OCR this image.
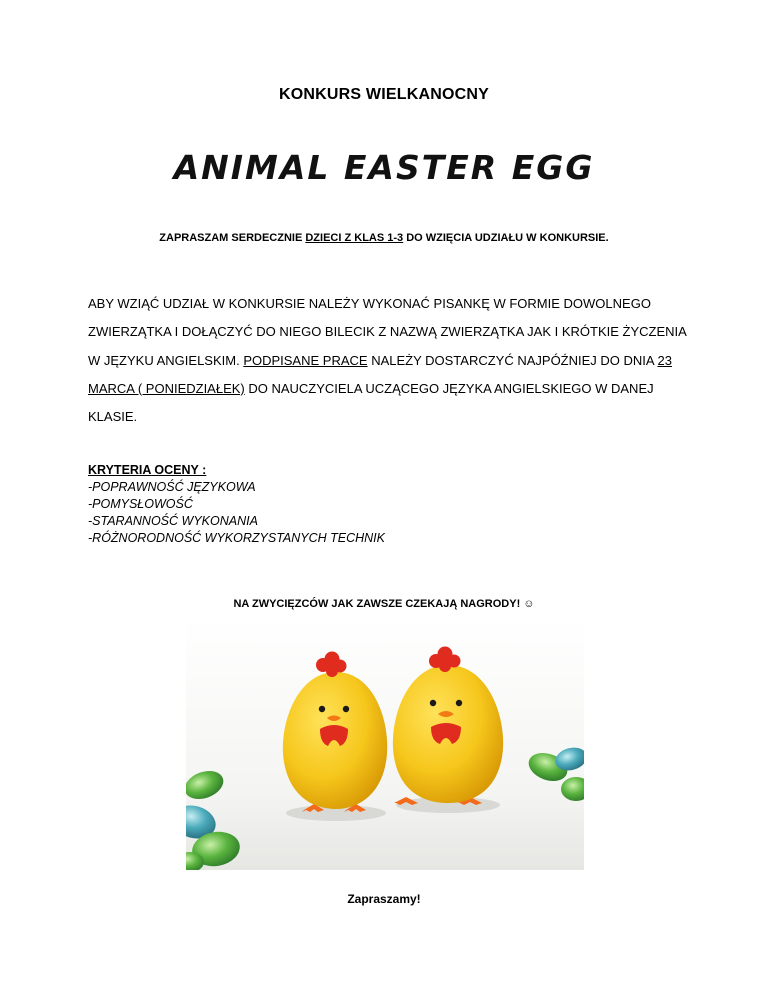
KONKURS WIELKANOCNY
ANIMAL EASTER EGG
ZAPRASZAM SERDECZNIE DZIECI Z KLAS 1-3 DO WZIĘCIA UDZIAŁU W KONKURSIE.
ABY WZIĄĆ UDZIAŁ W KONKURSIE NALEŻY WYKONAĆ PISANKĘ W FORMIE DOWOLNEGO
ZWIERZĄTKA I DOŁĄCZYĆ DO NIEGO BILECIK Z NAZWĄ ZWIERZĄTKA JAK I KRÓTKIE ŻYCZENIA
W JĘZYKU ANGIELSKIM. PODPISANE PRACE NALEŻY DOSTARCZYĆ NAJPÓŹNIEJ DO DNIA 23
MARCA ( PONIEDZIAŁEK) DO NAUCZYCIELA UCZĄCEGO JĘZYKA ANGIELSKIEGO W DANEJ
KLASIE.
KRYTERIA OCENY :
-POPRAWNOŚĆ JĘZYKOWA
-POMYSŁOWOŚĆ
-STARANNOŚĆ WYKONANIA
-RÓŻNORODNOŚĆ WYKORZYSTANYCH TECHNIK
NA ZWYCIĘZCÓW JAK ZAWSZE CZEKAJĄ NAGRODY! ☺
Zapraszamy!
